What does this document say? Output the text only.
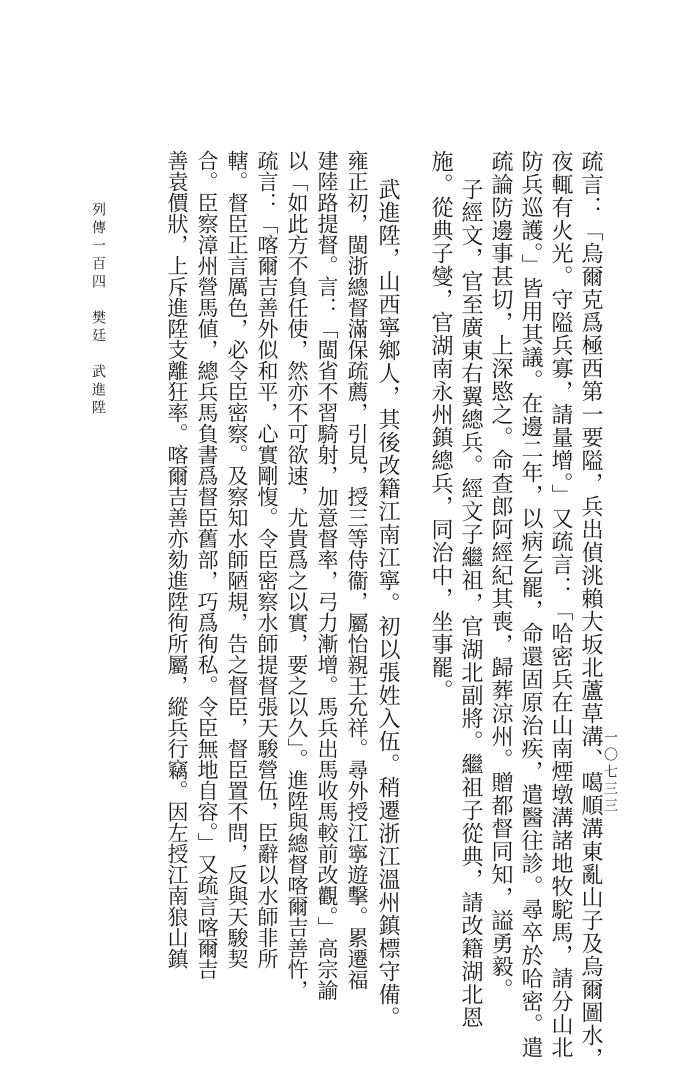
疏言：「烏爾克爲極西第一要隘，兵出偵洮賴大坂北蘆草溝、噶順溝東亂山子及烏爾圖水，
夜輒有火光。守隘兵寡，請量增。」又疏言：「哈密兵在山南煙墩溝諸地牧駝馬，請分山北
防兵巡護。」皆用其議。在邊二年，以病乞罷，命還固原治疾，遣醫往診。尋卒於哈密。遣
疏論防邊事甚切，上深愍之。命查郎阿經紀其喪，歸葬涼州。贈都督同知，謚勇毅。
子經文，官至廣東右翼總兵。經文子繼祖，官湖北副將。繼祖子從典，請改籍湖北恩
施。從典子燮，官湖南永州鎮總兵，同治中，坐事罷。
武進陞，山西寧鄉人，其後改籍江南江寧。初以張姓入伍。稍遷浙江溫州鎮標守備。
雍正初，閩浙總督滿保疏薦，引見，授三等侍衞，屬怡親王允祥。尋外授江寧遊擊。累遷福
建陸路提督。言：「閩省不習騎射，加意督率，弓力漸增。馬兵出馬收馬較前改觀。」高宗諭
以「如此方不負任使，然亦不可欲速，尤貴爲之以實，要之以久」。進陞與總督喀爾吉善忤，
疏言：「喀爾吉善外似和平，心實剛愎。令臣密察水師提督張天駿營伍，臣辭以水師非所
轄。督臣正言厲色，必令臣密察。及察知水師陋規，告之督臣，督臣置不問，反與天駿契
合。臣察漳州營馬値，總兵馬負書爲督臣舊部，巧爲徇私。令臣無地自容。」又疏言喀爾吉
善袁價狀，上斥進陞支離狂率。喀爾吉善亦劾進陞徇所屬，縱兵行竊。因左授江南狼山鎮
列傳一百四　樊廷　武進陞
一〇七三三
